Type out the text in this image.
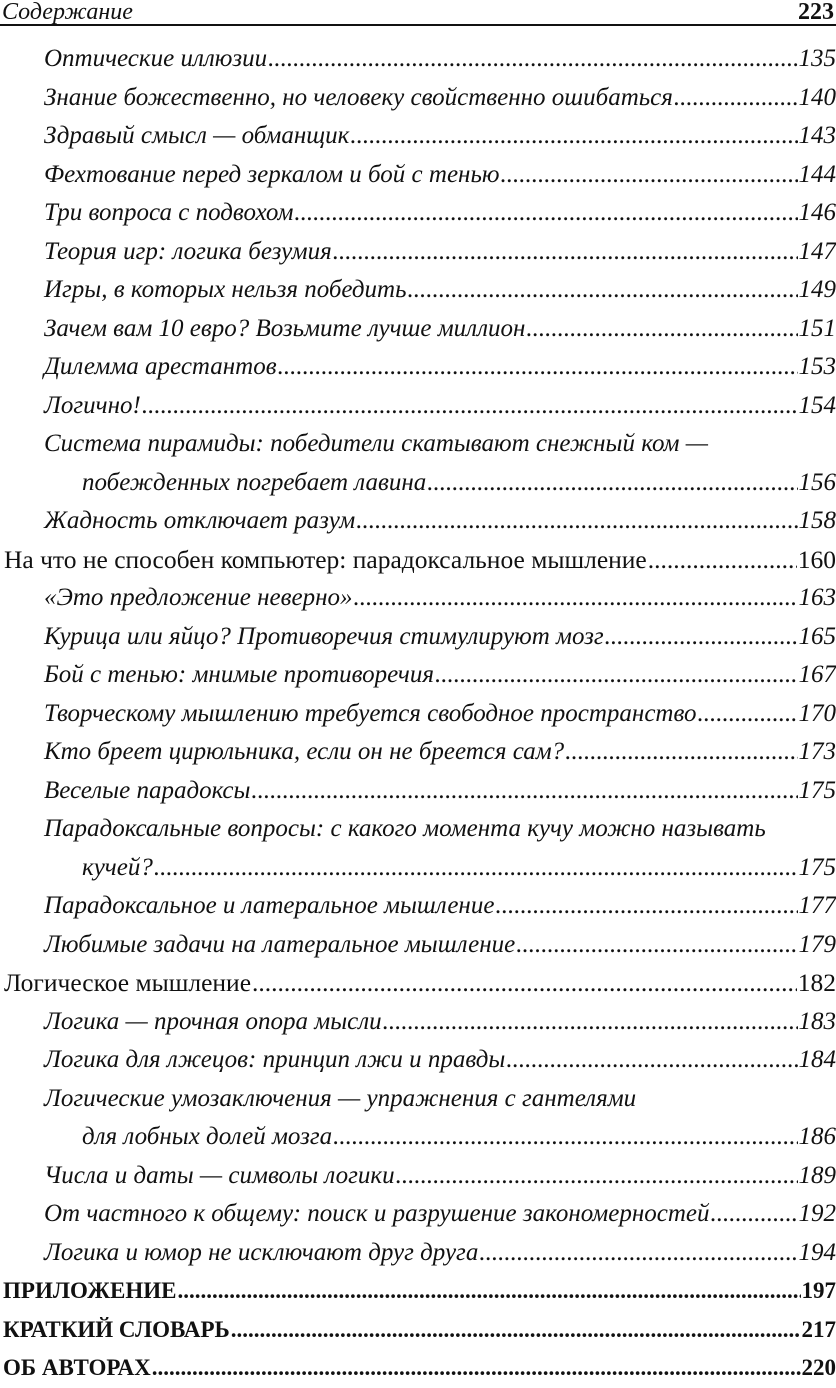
Содержание	223
Оптические иллюзии .....	135
Знание божественно, но человеку свойственно ошибаться .....	140
Здравый смысл — обманщик .....	143
Фехтование перед зеркалом и бой с тенью .....	144
Три вопроса с подвохом .....	146
Теория игр: логика безумия .....	147
Игры, в которых нельзя победить .....	149
Зачем вам 10 евро? Возьмите лучше миллион .....	151
Дилемма арестантов .....	153
Логично! .....	154
Система пирамиды: победители скатывают снежный ком —
побежденных погребает лавина .....	156
Жадность отключает разум .....	158
На что не способен компьютер: парадоксальное мышление .....	160
«Это предложение неверно» .....	163
Курица или яйцо? Противоречия стимулируют мозг .....	165
Бой с тенью: мнимые противоречия .....	167
Творческому мышлению требуется свободное пространство .....	170
Кто бреет цирюльника, если он не бреется сам? .....	173
Веселые парадоксы .....	175
Парадоксальные вопросы: с какого момента кучу можно называть
кучей? .....	175
Парадоксальное и латеральное мышление .....	177
Любимые задачи на латеральное мышление .....	179
Логическое мышление .....	182
Логика — прочная опора мысли .....	183
Логика для лжецов: принцип лжи и правды .....	184
Логические умозаключения — упражнения с гантелями
для лобных долей мозга .....	186
Числа и даты — символы логики .....	189
От частного к общему: поиск и разрушение закономерностей .....	192
Логика и юмор не исключают друг друга .....	194
ПРИЛОЖЕНИЕ .....	197
КРАТКИЙ СЛОВАРЬ .....	217
ОБ АВТОРАХ .....	220
